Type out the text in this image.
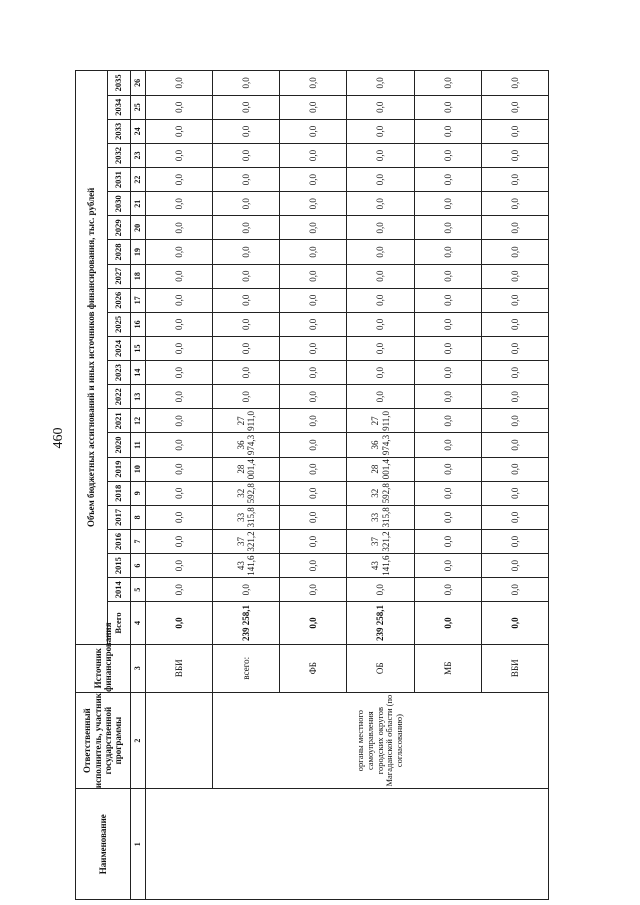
460
Наименование	Ответственный исполнитель, участник государственной программы	Источник финансирования	Объем бюджетных ассигнований и иных источников финансирования, тыс. рублей																						
			Всего	2014	2015	2016	2017	2018	2019	2020	2021	2022	2023	2024	2025	2026	2027	2028	2029	2030	2031	2032	2033	2034	2035
1	2	3	4	5	6	7	8	9	10	11	12	13	14	15	16	17	18	19	20	21	22	23	24	25	26
		ВБИ	0,0	0,0	0,0	0,0	0,0	0,0	0,0	0,0	0,0	0,0	0,0	0,0	0,0	0,0	0,0	0,0	0,0	0,0	0,0	0,0	0,0	0,0	0,0
	органы местного самоуправления городских округов Магаданской области (по согласованию)	всего:	239 258,1	0,0	43 141,6	37 321,2	33 315,8	32 592,8	28 001,4	36 974,3	27 911,0	0,0	0,0	0,0	0,0	0,0	0,0	0,0	0,0	0,0	0,0	0,0	0,0	0,0	0,0
		ФБ	0,0	0,0	0,0	0,0	0,0	0,0	0,0	0,0	0,0	0,0	0,0	0,0	0,0	0,0	0,0	0,0	0,0	0,0	0,0	0,0	0,0	0,0	0,0
		ОБ	239 258,1	0,0	43 141,6	37 321,2	33 315,8	32 592,8	28 001,4	36 974,3	27 911,0	0,0	0,0	0,0	0,0	0,0	0,0	0,0	0,0	0,0	0,0	0,0	0,0	0,0	0,0
		МБ	0,0	0,0	0,0	0,0	0,0	0,0	0,0	0,0	0,0	0,0	0,0	0,0	0,0	0,0	0,0	0,0	0,0	0,0	0,0	0,0	0,0	0,0	0,0
		ВБИ	0,0	0,0	0,0	0,0	0,0	0,0	0,0	0,0	0,0	0,0	0,0	0,0	0,0	0,0	0,0	0,0	0,0	0,0	0,0	0,0	0,0	0,0	0,0
